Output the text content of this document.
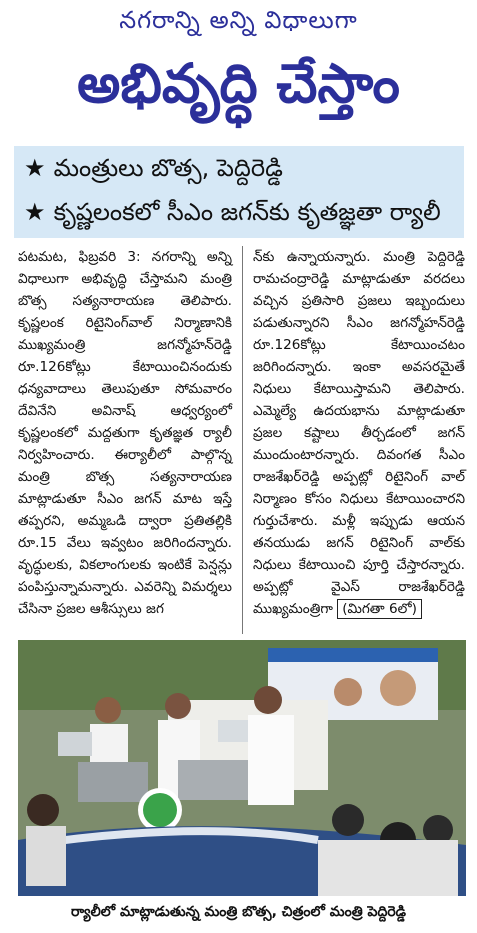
నగరాన్ని అన్ని విధాలుగా
అభివృద్ధి చేస్తాం
★ మంత్రులు బొత్స, పెద్దిరెడ్డి
★ కృష్ణలంకలో సీఎం జగన్‌కు కృతజ్ఞతా ర్యాలీ
పటమట, ఫిబ్రవరి 3: నగరాన్ని అన్ని విధాలుగా అభివృద్ధి చేస్తామని మంత్రి బొత్స సత్యనారాయణ తెలిపారు. కృష్ణలంక రిటైనింగ్‌వాల్ నిర్మాణానికి ముఖ్యమంత్రి జగన్మోహన్‌రెడ్డి రూ.126కోట్లు కేటాయించినందుకు ధన్యవాదాలు తెలుపుతూ సోమవారం దేవినేని అవినాష్ ఆధ్వర్యంలో కృష్ణలంకలో మద్దతుగా కృతజ్ఞత ర్యాలీ నిర్వహించారు. ఈర్యాలీలో పాల్గొన్న మంత్రి బొత్స సత్యనారాయణ మాట్లాడుతూ సీఎం జగన్ మాట ఇస్తే తప్పరని, అమ్మఒడి ద్వారా ప్రతితల్లికి రూ.15 వేలు ఇవ్వటం జరిగిందన్నారు. వృద్ధులకు, వికలాంగులకు ఇంటికే పెన్షన్లు పంపిస్తున్నామన్నారు. ఎవరెన్ని విమర్శలు చేసినా ప్రజల ఆశీస్సులు జగ
న్‌కు ఉన్నాయన్నారు. మంత్రి పెద్దిరెడ్డి రామచంద్రారెడ్డి మాట్లాడుతూ వరదలు వచ్చిన ప్రతిసారి ప్రజలు ఇబ్బందులు పడుతున్నారని సీఎం జగన్మోహన్‌రెడ్డి రూ.126కోట్లు కేటాయించటం జరిగిందన్నారు. ఇంకా అవసరమైతే నిధులు కేటాయిస్తామని తెలిపారు. ఎమ్మెల్యే ఉదయభాను మాట్లాడుతూ ప్రజల కష్టాలు తీర్చడంలో జగన్ ముందుంటారన్నారు. దివంగత సీఎం రాజశేఖర్‌రెడ్డి అప్పట్లో రిటైనింగ్ వాల్ నిర్మాణం కోసం నిధులు కేటాయించారని గుర్తుచేశారు. మళ్లీ ఇప్పుడు ఆయన తనయుడు జగన్ రిటైనింగ్ వాల్‌కు నిధులు కేటాయించి పూర్తి చేస్తారన్నారు. అప్పట్లో వైఎస్ రాజశేఖర్‌రెడ్డి ముఖ్యమంత్రిగా (మిగతా 6లో)
ర్యాలీలో మాట్లాడుతున్న మంత్రి బొత్స, చిత్రంలో మంత్రి పెద్దిరెడ్డి
